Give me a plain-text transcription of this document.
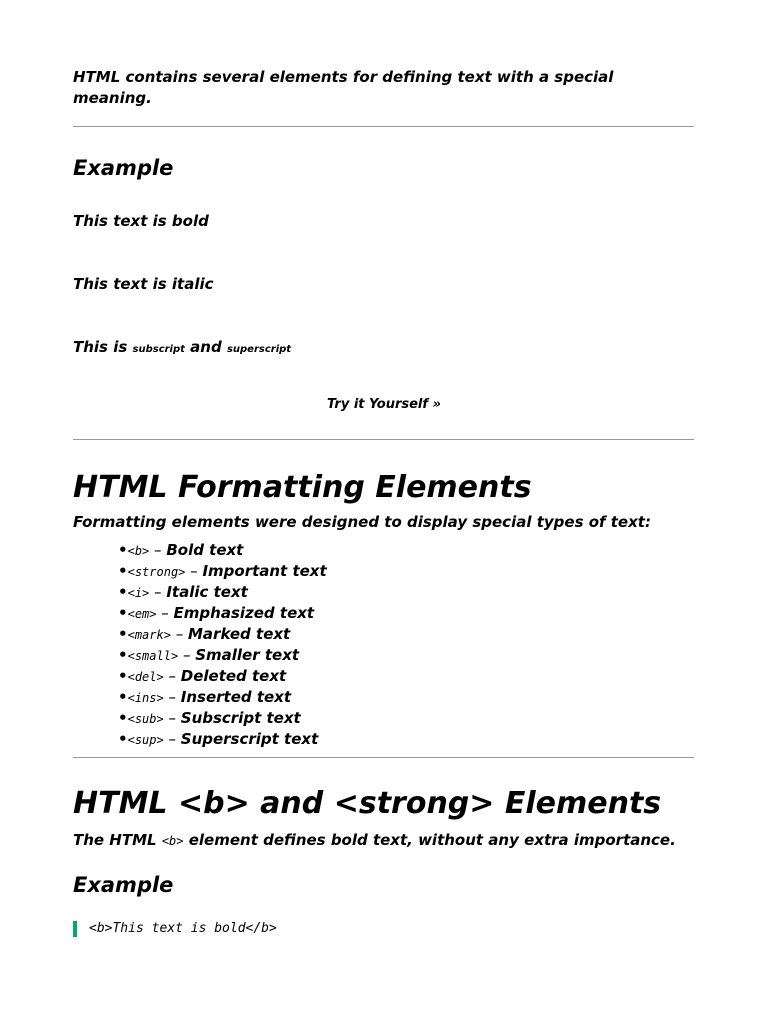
HTML contains several elements for defining text with a special meaning.

Example

This text is bold

This text is italic

This is subscript and superscript

Try it Yourself »
HTML Formatting Elements

Formatting elements were designed to display special types of text:

•<b> – Bold text
•<strong> – Important text
•<i> – Italic text
•<em> – Emphasized text
•<mark> – Marked text
•<small> – Smaller text
•<del> – Deleted text
•<ins> – Inserted text
•<sub> – Subscript text
•<sup> – Superscript text
HTML <b> and <strong> Elements

The HTML <b> element defines bold text, without any extra importance.

Example
<b>This text is bold</b>
